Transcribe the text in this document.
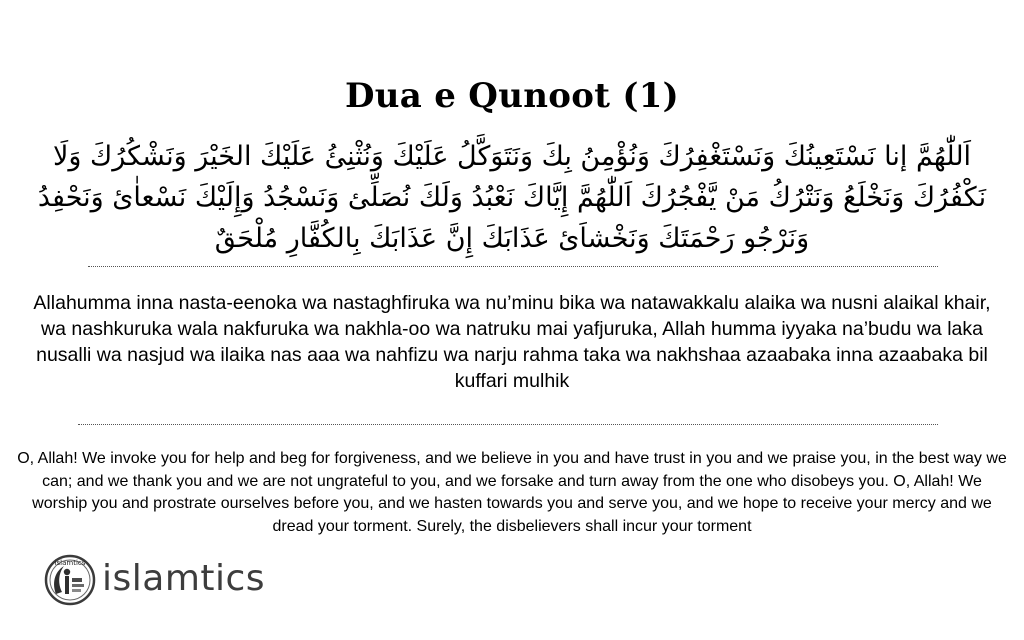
Dua e Qunoot (1)
اَللّٰهُمَّ إنا نَسْتَعِينُكَ وَنَسْتَغْفِرُكَ وَنُؤْمِنُ بِكَ وَنَتَوَكَّلُ عَلَيْكَ وَنُثْنِئُ عَلَيْكَ الخَيْرَ وَنَشْكُرُكَ وَلَا نَكْفُرُكَ وَنَخْلَعُ وَنَتْرُكُ مَنْ يَّفْجُرُكَ اَللّٰهُمَّ إِيَّاكَ نَعْبُدُ وَلَكَ نُصَلِّئ وَنَسْجُدُ وَإِلَيْكَ نَسْعاٰئ وَنَحْفِدُ وَنَرْجُو رَحْمَتَكَ وَنَخْشاَئ عَذَابَكَ إِنَّ عَذَابَكَ بِالكُفَّارِ مُلْحَقٌ
Allahumma inna nasta-eenoka wa nastaghfiruka wa nu’minu bika wa natawakkalu alaika wa nusni alaikal khair, wa nashkuruka wala nakfuruka wa nakhla-oo wa natruku mai yafjuruka, Allah humma iyyaka na’budu wa laka nusalli wa nasjud wa ilaika nas aaa wa nahfizu wa narju rahma taka wa nakhshaa azaabaka inna azaabaka bil kuffari mulhik
O, Allah! We invoke you for help and beg for forgiveness, and we believe in you and have trust in you and we praise you, in the best way we can; and we thank you and we are not ungrateful to you, and we forsake and turn away from the one who disobeys you. O, Allah! We worship you and prostrate ourselves before you, and we hasten towards you and serve you, and we hope to receive your mercy and we dread your torment. Surely, the disbelievers shall incur your torment
islamtics islamtics
